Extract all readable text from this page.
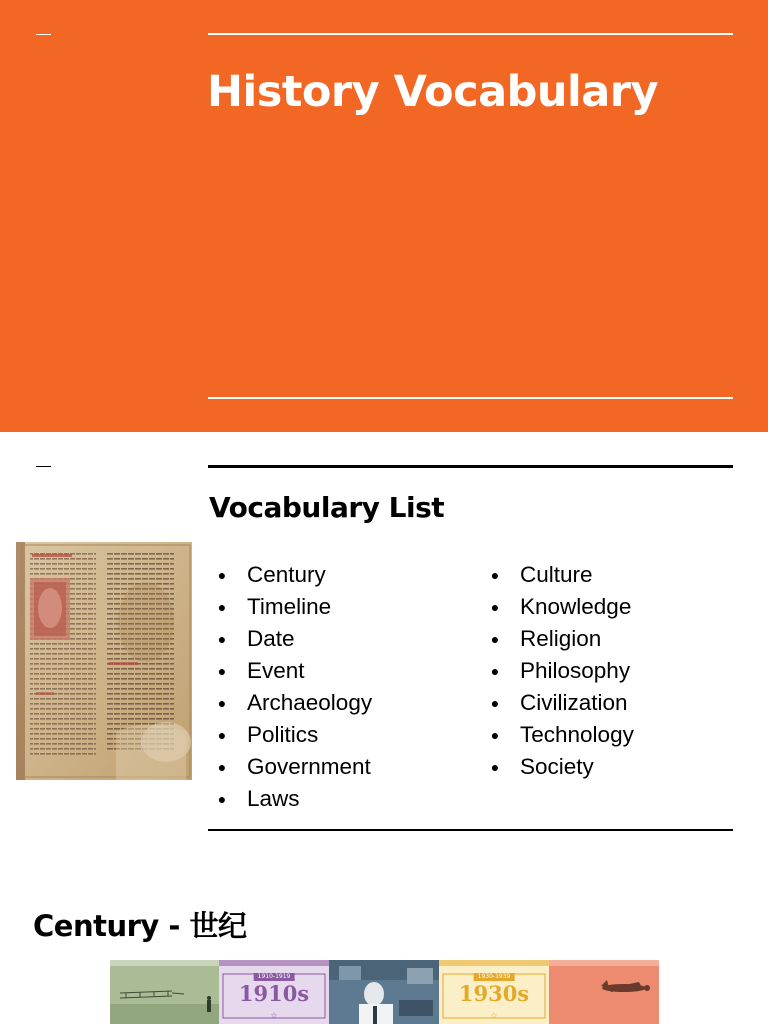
History Vocabulary
Vocabulary List
● Century
● Timeline
● Date
● Event
● Archaeology
● Politics
● Government
● Laws
● Culture
● Knowledge
● Religion
● Philosophy
● Civilization
● Technology
● Society
Century - 世纪
1910-1919
1910s
☆
1930-1939
1930s
☆
